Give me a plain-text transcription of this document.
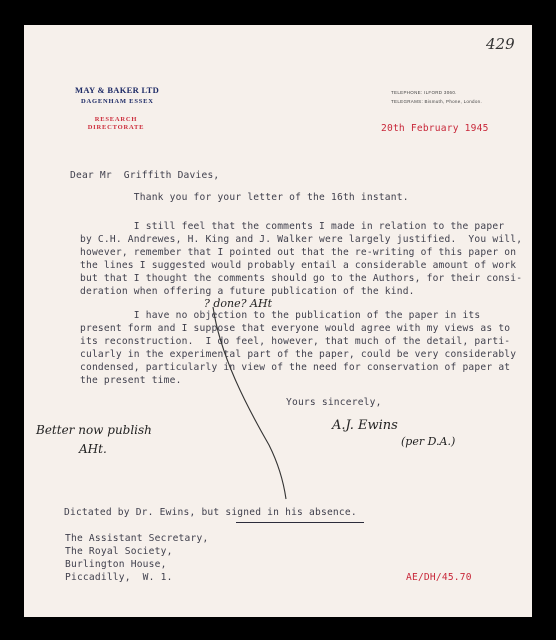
429
MAY & BAKER LTD
DAGENHAM ESSEX
RESEARCH
DIRECTORATE
TELEPHONE: ILFORD 3060.
TELEGRAMS: Bismuth, Phone, London.
20th February 1945
Dear Mr  Griffith Davies,
Thank you for your letter of the 16th instant.
I still feel that the comments I made in relation to the paper
by C.H. Andrewes, H. King and J. Walker were largely justified.  You will,
however, remember that I pointed out that the re-writing of this paper on
the lines I suggested would probably entail a considerable amount of work
but that I thought the comments should go to the Authors, for their consi-
deration when offering a future publication of the kind.
I have no objection to the publication of the paper in its
present form and I suppose that everyone would agree with my views as to
its reconstruction.  I do feel, however, that much of the detail, parti-
cularly in the experimental part of the paper, could be very considerably
condensed, particularly in view of the need for conservation of paper at
the present time.
? done? AHt
Yours sincerely,
A.J. Ewins
(per D.A.)
Better now publish
AHt.
Dictated by Dr. Ewins, but signed in his absence.
The Assistant Secretary,
The Royal Society,
Burlington House,
Piccadilly,  W. 1.	AE/DH/45.70
